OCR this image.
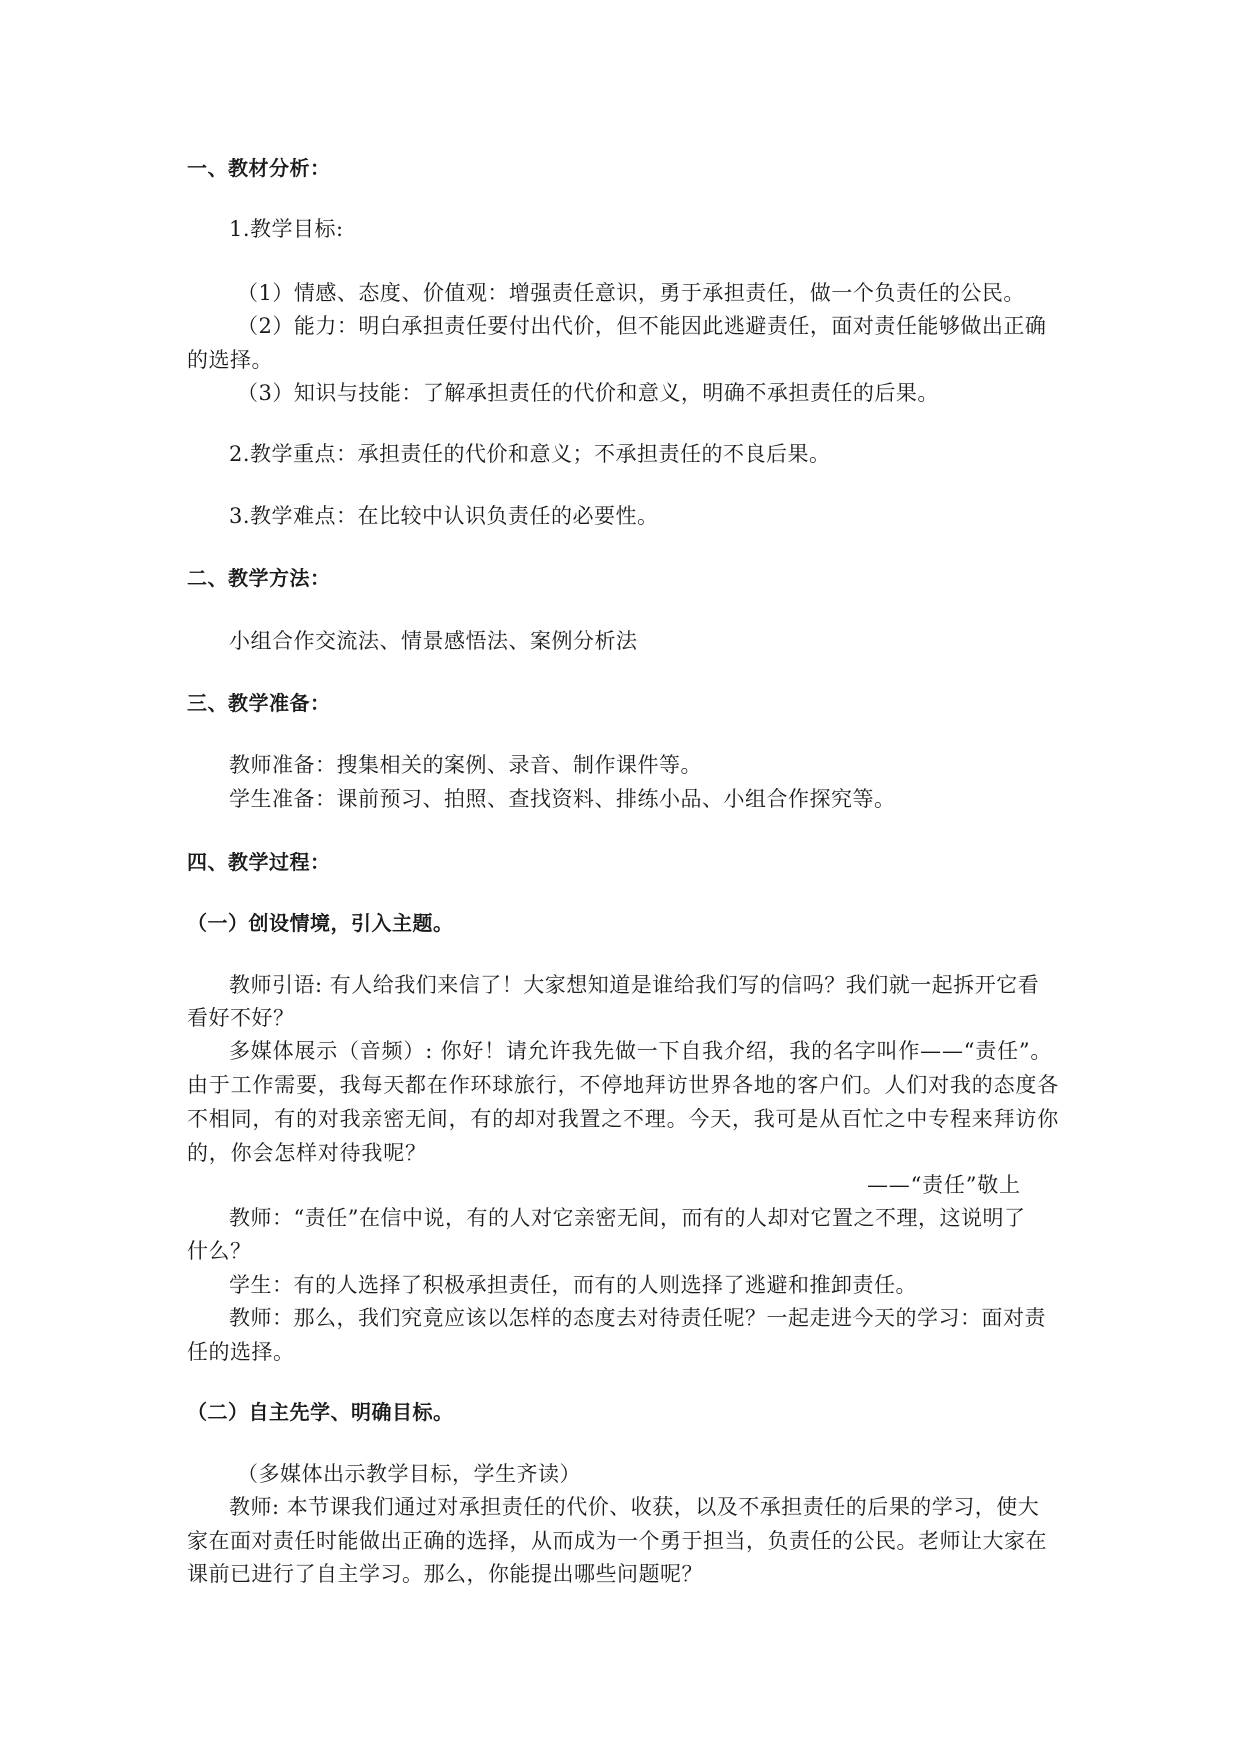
一、教材分析：
1.教学目标:
（1）情感、态度、价值观：增强责任意识，勇于承担责任，做一个负责任的公民。
（2）能力：明白承担责任要付出代价，但不能因此逃避责任，面对责任能够做出正确
的选择。
（3）知识与技能：了解承担责任的代价和意义，明确不承担责任的后果。
2.教学重点：承担责任的代价和意义；不承担责任的不良后果。
3.教学难点：在比较中认识负责任的必要性。
二、教学方法：
小组合作交流法、情景感悟法、案例分析法
三、教学准备：
教师准备：搜集相关的案例、录音、制作课件等。
学生准备：课前预习、拍照、查找资料、排练小品、小组合作探究等。
四、教学过程：
（一）创设情境，引入主题。
教师引语: 有人给我们来信了！大家想知道是谁给我们写的信吗？我们就一起拆开它看
看好不好？
多媒体展示（音频）: 你好！请允许我先做一下自我介绍，我的名字叫作——“责任”。
由于工作需要，我每天都在作环球旅行，不停地拜访世界各地的客户们。人们对我的态度各
不相同，有的对我亲密无间，有的却对我置之不理。今天，我可是从百忙之中专程来拜访你
的，你会怎样对待我呢？
——“责任”敬上
教师：“责任”在信中说，有的人对它亲密无间，而有的人却对它置之不理，这说明了
什么？
学生：有的人选择了积极承担责任，而有的人则选择了逃避和推卸责任。
教师：那么，我们究竟应该以怎样的态度去对待责任呢？一起走进今天的学习：面对责
任的选择。
（二）自主先学、明确目标。
（多媒体出示教学目标，学生齐读）
教师: 本节课我们通过对承担责任的代价、收获，以及不承担责任的后果的学习，使大
家在面对责任时能做出正确的选择，从而成为一个勇于担当，负责任的公民。老师让大家在
课前已进行了自主学习。那么，你能提出哪些问题呢？
